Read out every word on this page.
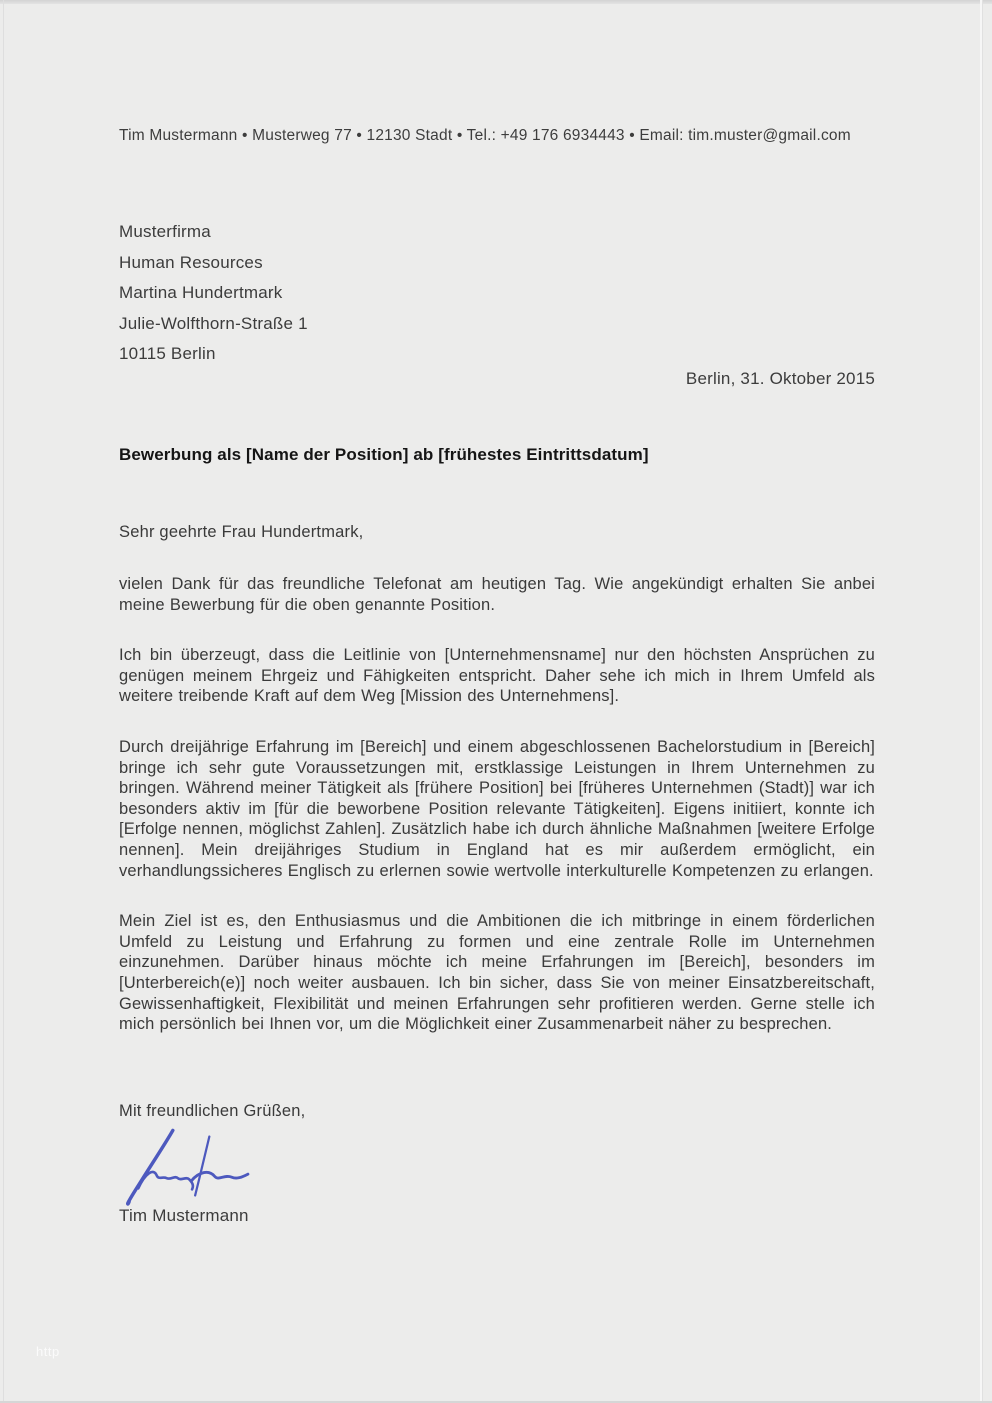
Tim Mustermann • Musterweg 77 • 12130 Stadt • Tel.: +49 176 6934443 • Email: tim.muster@gmail.com
Musterfirma
Human Resources
Martina Hundertmark
Julie-Wolfthorn-Straße 1
10115 Berlin
Berlin, 31. Oktober 2015
Bewerbung als [Name der Position] ab [frühestes Eintrittsdatum]
Sehr geehrte Frau Hundertmark,

vielen Dank für das freundliche Telefonat am heutigen Tag. Wie angekündigt erhalten Sie anbei meine Bewerbung für die oben genannte Position.

Ich bin überzeugt, dass die Leitlinie von [Unternehmensname] nur den höchsten Ansprüchen zu genügen meinem Ehrgeiz und Fähigkeiten entspricht. Daher sehe ich mich in Ihrem Umfeld als weitere treibende Kraft auf dem Weg [Mission des Unternehmens].

Durch dreijährige Erfahrung im [Bereich] und einem abgeschlossenen Bachelorstudium in [Bereich] bringe ich sehr gute Voraussetzungen mit, erstklassige Leistungen in Ihrem Unternehmen zu bringen. Während meiner Tätigkeit als [frühere Position] bei [früheres Unternehmen (Stadt)] war ich besonders aktiv im [für die beworbene Position relevante Tätigkeiten]. Eigens initiiert, konnte ich [Erfolge nennen, möglichst Zahlen]. Zusätzlich habe ich durch ähnliche Maßnahmen [weitere Erfolge nennen]. Mein dreijähriges Studium in England hat es mir außerdem ermöglicht, ein verhandlungssicheres Englisch zu erlernen sowie wertvolle interkulturelle Kompetenzen zu erlangen.

Mein Ziel ist es, den Enthusiasmus und die Ambitionen die ich mitbringe in einem förderlichen Umfeld zu Leistung und Erfahrung zu formen und eine zentrale Rolle im Unternehmen einzunehmen. Darüber hinaus möchte ich meine Erfahrungen im [Bereich], besonders im [Unterbereich(e)] noch weiter ausbauen. Ich bin sicher, dass Sie von meiner Einsatzbereitschaft, Gewissenhaftigkeit, Flexibilität und meinen Erfahrungen sehr profitieren werden. Gerne stelle ich mich persönlich bei Ihnen vor, um die Möglichkeit einer Zusammenarbeit näher zu besprechen.

Mit freundlichen Grüßen,
Tim Mustermann
http
